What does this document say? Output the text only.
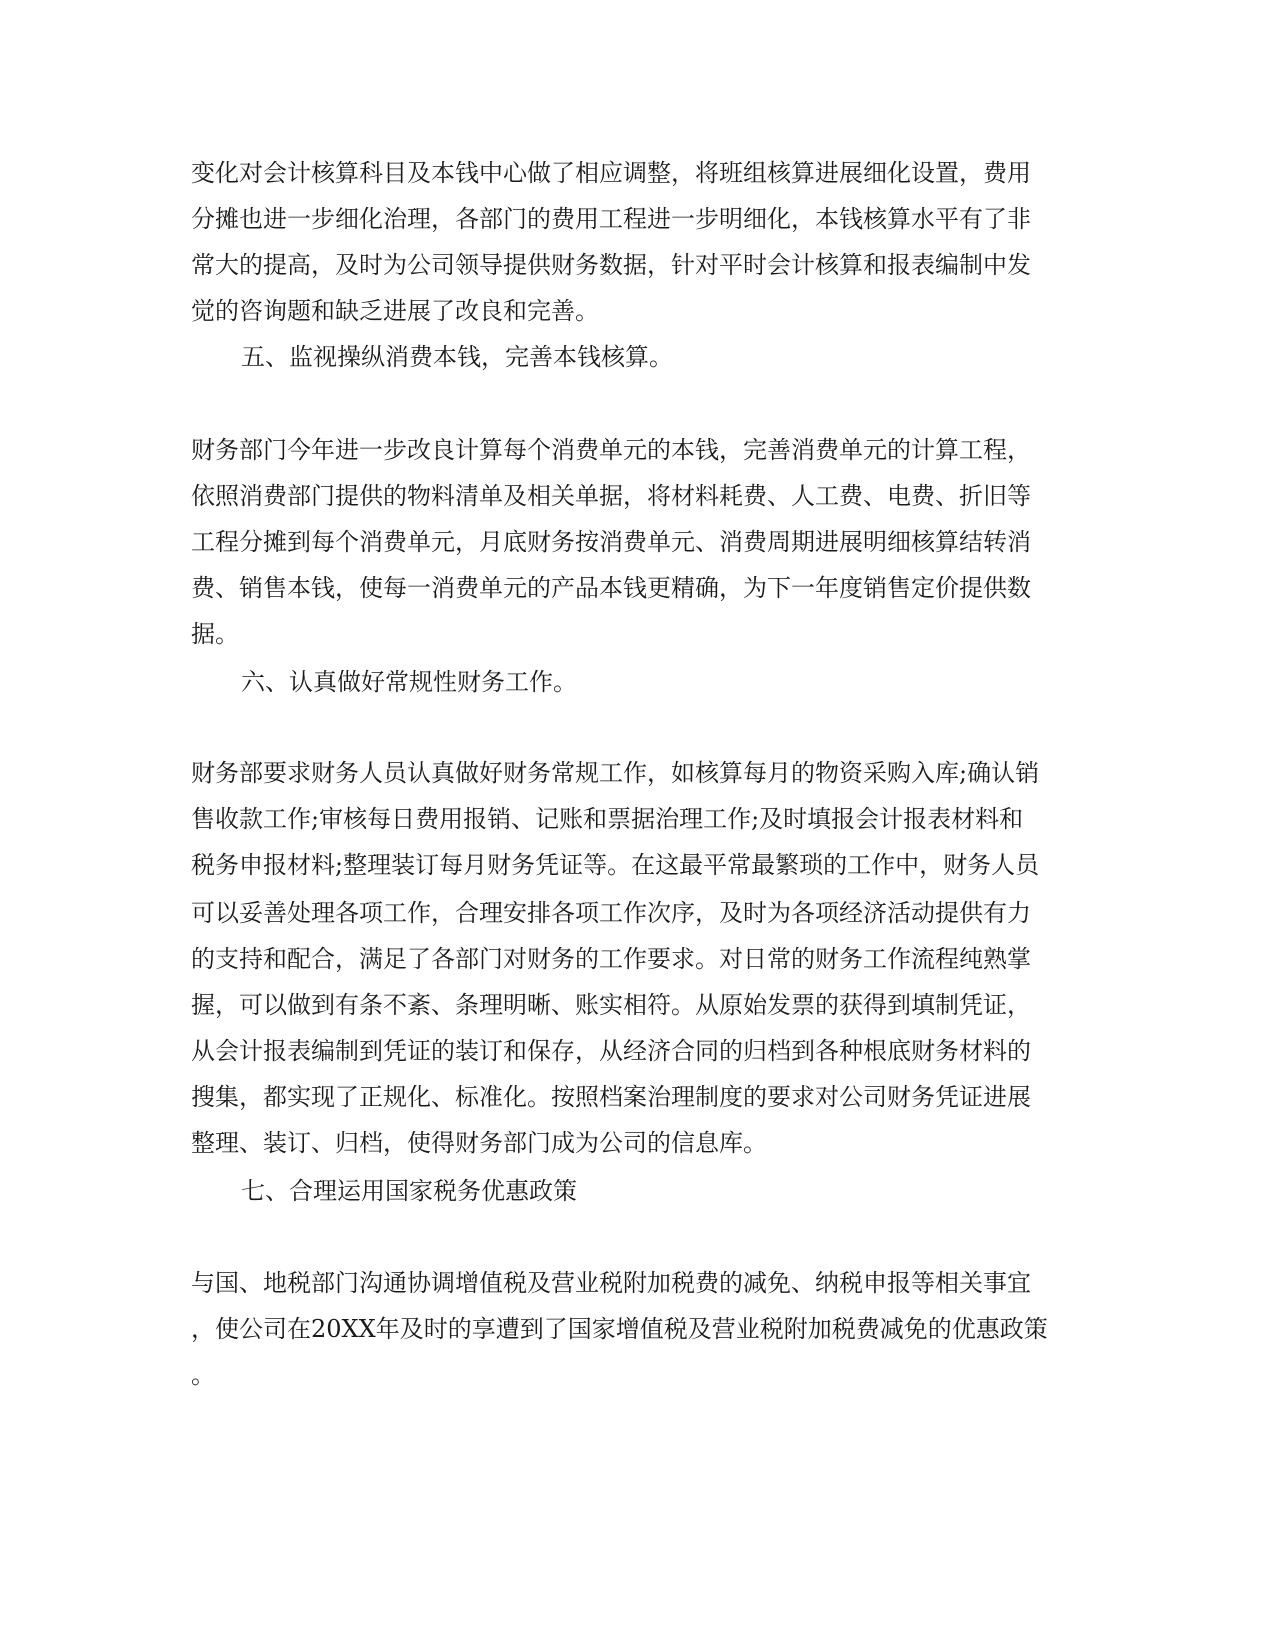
变化对会计核算科目及本钱中心做了相应调整，将班组核算进展细化设置，费用

分摊也进一步细化治理，各部门的费用工程进一步明细化，本钱核算水平有了非

常大的提高，及时为公司领导提供财务数据，针对平时会计核算和报表编制中发

觉的咨询题和缺乏进展了改良和完善。

五、监视操纵消费本钱，完善本钱核算。

财务部门今年进一步改良计算每个消费单元的本钱，完善消费单元的计算工程，

依照消费部门提供的物料清单及相关单据，将材料耗费、人工费、电费、折旧等

工程分摊到每个消费单元，月底财务按消费单元、消费周期进展明细核算结转消

费、销售本钱，使每一消费单元的产品本钱更精确，为下一年度销售定价提供数

据。

六、认真做好常规性财务工作。

财务部要求财务人员认真做好财务常规工作，如核算每月的物资采购入库;确认销

售收款工作;审核每日费用报销、记账和票据治理工作;及时填报会计报表材料和

税务申报材料;整理装订每月财务凭证等。在这最平常最繁琐的工作中，财务人员

可以妥善处理各项工作，合理安排各项工作次序，及时为各项经济活动提供有力

的支持和配合，满足了各部门对财务的工作要求。对日常的财务工作流程纯熟掌

握，可以做到有条不紊、条理明晰、账实相符。从原始发票的获得到填制凭证，

从会计报表编制到凭证的装订和保存，从经济合同的归档到各种根底财务材料的

搜集，都实现了正规化、标准化。按照档案治理制度的要求对公司财务凭证进展

整理、装订、归档，使得财务部门成为公司的信息库。

七、合理运用国家税务优惠政策

与国、地税部门沟通协调增值税及营业税附加税费的减免、纳税申报等相关事宜

，使公司在20XX年及时的享遭到了国家增值税及营业税附加税费减免的优惠政策

。
